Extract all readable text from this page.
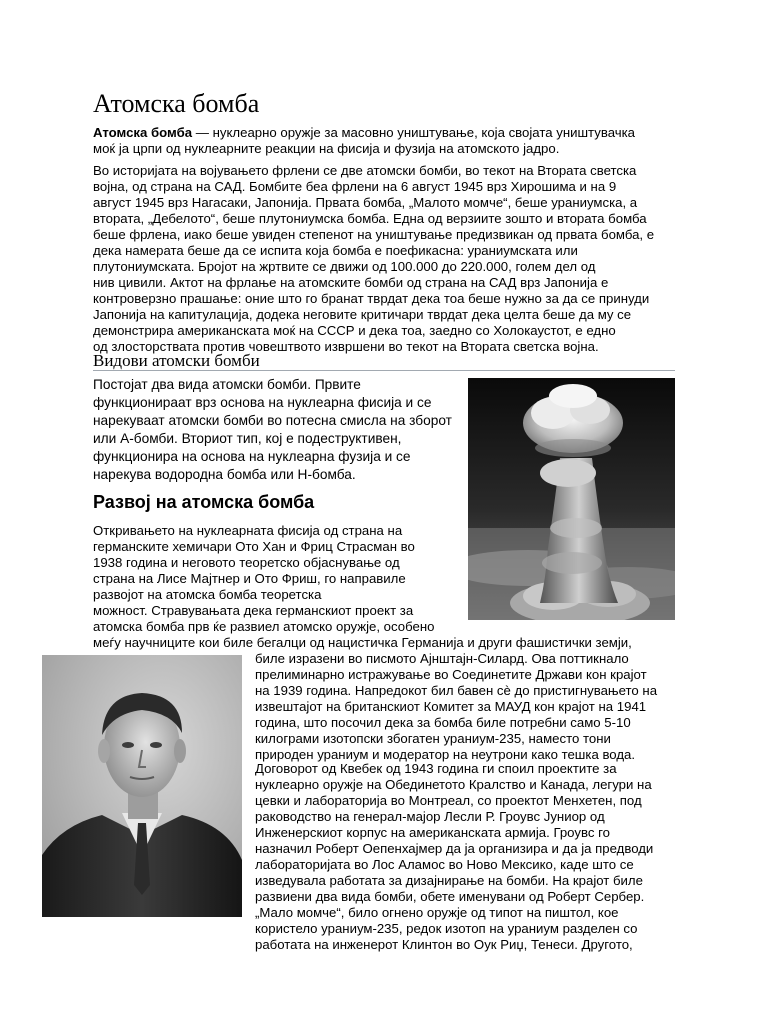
Атомска бомба
Атомска бомба — нуклеарно оружје за масовно уништување, која својата уништувачка
моќ ја црпи од нуклеарните реакции на фисија и фузија на атомското јадро.
Во историјата на војувањето фрлени се две атомски бомби, во текот на Втората светска
војна, од страна на САД. Бомбите беа фрлени на 6 август 1945 врз Хирошима и на 9
август 1945 врз Нагасаки, Јапонија. Првата бомба, „Малото момче“, беше ураниумска, а
втората, „Дебелото“, беше плутониумска бомба. Една од верзиите зошто и втората бомба
беше фрлена, иако беше увиден степенот на уништување предизвикан од првата бомба, е
дека намерата беше да се испита која бомба е поефикасна: ураниумската или
плутониумската. Бројот на жртвите се движи од 100.000 до 220.000, голем дел од
нив цивили. Актот на фрлање на атомските бомби од страна на САД врз Јапонија е
контроверзно прашање: оние што го бранат тврдат дека тоа беше нужно за да се принуди
Јапонија на капитулација, додека неговите критичари тврдат дека целта беше да му се
демонстрира американската моќ на СССР и дека тоа, заедно со Холокаустот, е едно
од злосторствата против човештвото извршени во текот на Втората светска војна.
Видови атомски бомби
Постојат два вида атомски бомби. Првите
функционираат врз основа на нуклеарна фисија и се
нарекуваат атомски бомби во потесна смисла на зборот
или А-бомби. Вториот тип, кој е подеструктивен,
функционира на основа на нуклеарна фузија и се
нарекува водородна бомба или Н-бомба.
Развој на атомска бомба
Откривањето на нуклеарната фисија од страна на
германските хемичари Ото Хан и Фриц Страсман во
1938 година и неговото теоретско објаснување од
страна на Лисе Мајтнер и Ото Фриш, го направиле
развојот на атомска бомба теоретска
можност. Стравувањата дека германскиот проект за
атомска бомба прв ќе развиел атомско оружје, особено
меѓу научниците кои биле бегалци од нацистичка Германија и други фашистички земји,
биле изразени во писмото Ајнштајн-Силард. Ова поттикнало
прелиминарно истражување во Соединетите Држави кон крајот
на 1939 година. Напредокот бил бавен сè до пристигнувањето на
извештајот на британскиот Комитет за МАУД кон крајот на 1941
година, што посочил дека за бомба биле потребни само 5-10
килограми изотопски збогатен ураниум-235, наместо тони
природен ураниум и модератор на неутрони како тешка вода.
Договорот од Квебек од 1943 година ги споил проектите за
нуклеарно оружје на Обединетото Кралство и Канада, легури на
цевки и лабораторија во Монтреал, со проектот Менхетен, под
раководство на генерал-мајор Лесли Р. Гроувс Јуниор од
Инженерскиот корпус на американската армија. Гроувс го
назначил Роберт Оепенхајмер да ја организира и да ја предводи
лабораторијата во Лос Аламос во Ново Мексико, каде што се
изведувала работата за дизајнирање на бомби. На крајот биле
развиени два вида бомби, обете именувани од Роберт Сербер.
„Мало момче“, било огнено оружје од типот на пиштол, кое
користело ураниум-235, редок изотоп на ураниум разделен со
работата на инженерот Клинтон во Оук Риџ, Тенеси. Другото,
